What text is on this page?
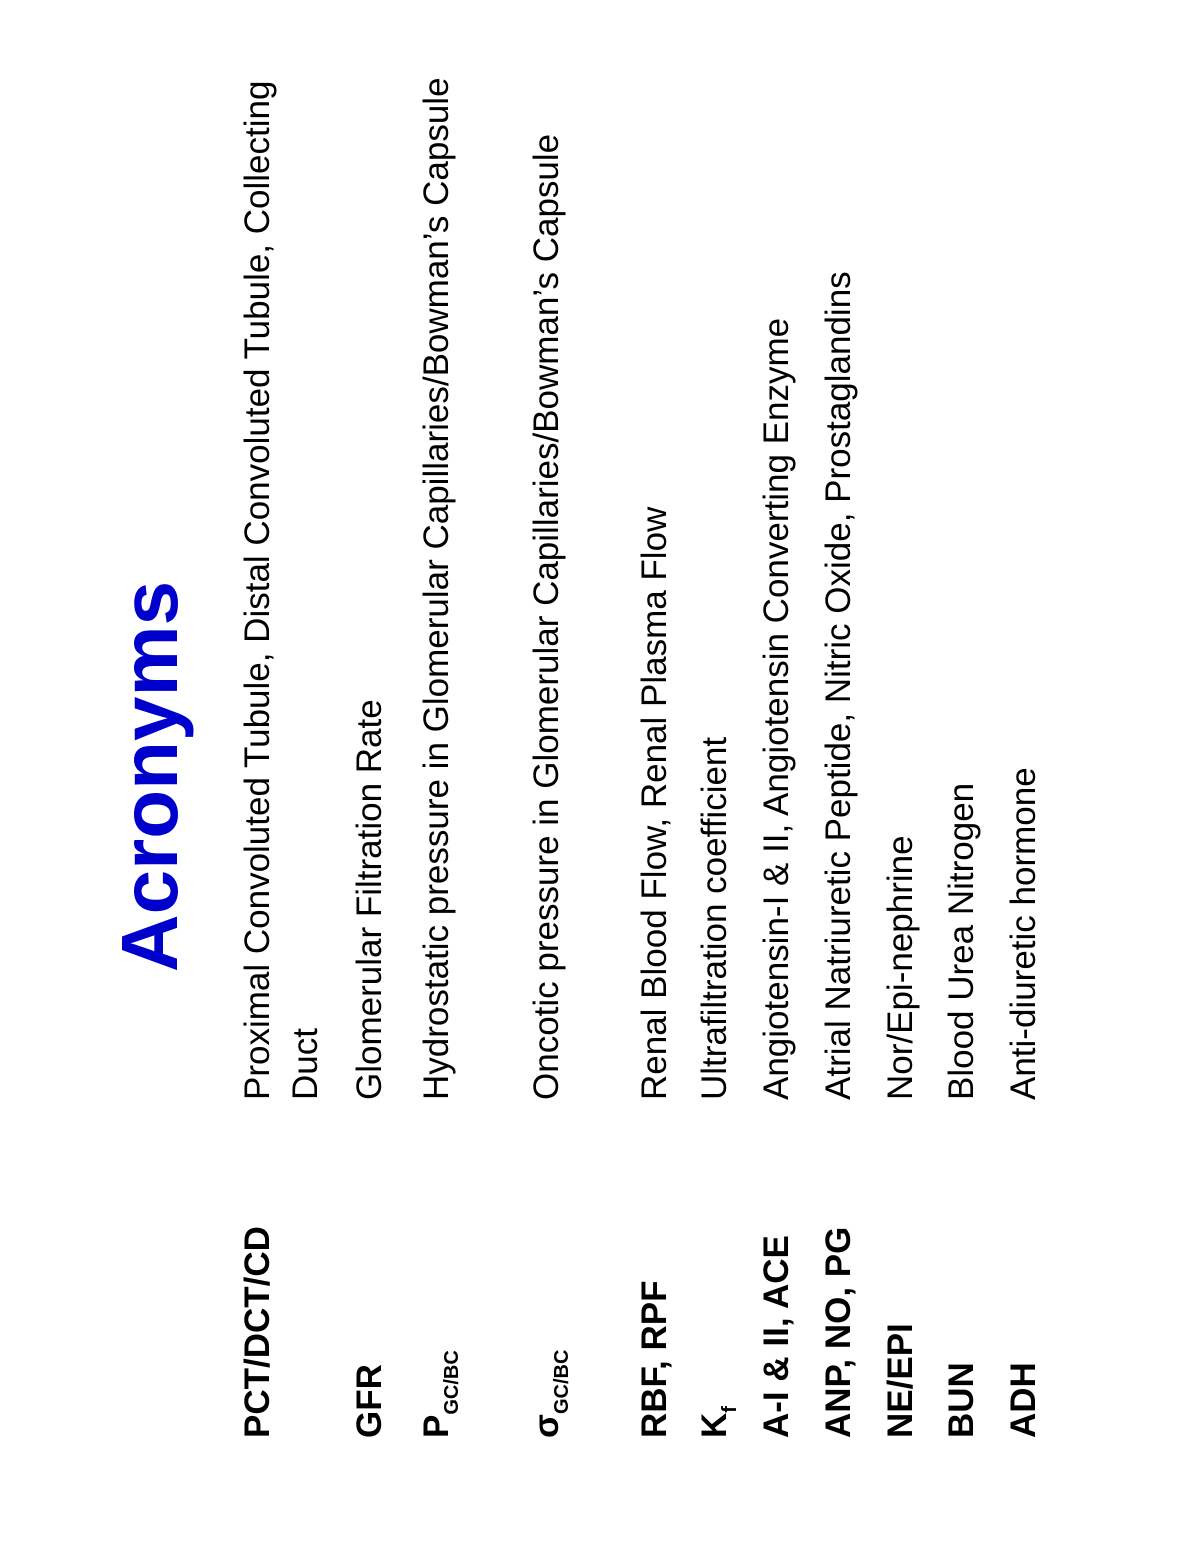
Acronyms
PCT/DCT/CD
Proximal Convoluted Tubule, Distal Convoluted Tubule, Collecting Duct
GFR
Glomerular Filtration Rate
$P_{GC/BC}$
Hydrostatic pressure in Glomerular Capillaries/Bowman’s Capsule
$\sigma_{GC/BC}$
Oncotic pressure in Glomerular Capillaries/Bowman’s Capsule
RBF, RPF
Renal Blood Flow, Renal Plasma Flow
$K_f$
Ultrafiltration coefficient
A-I & II, ACE
Angiotensin-I & II, Angiotensin Converting Enzyme
ANP, NO, PG
Atrial Natriuretic Peptide, Nitric Oxide, Prostaglandins
NE/EPI
Nor/Epi-nephrine
BUN
Blood Urea Nitrogen
ADH
Anti-diuretic hormone
